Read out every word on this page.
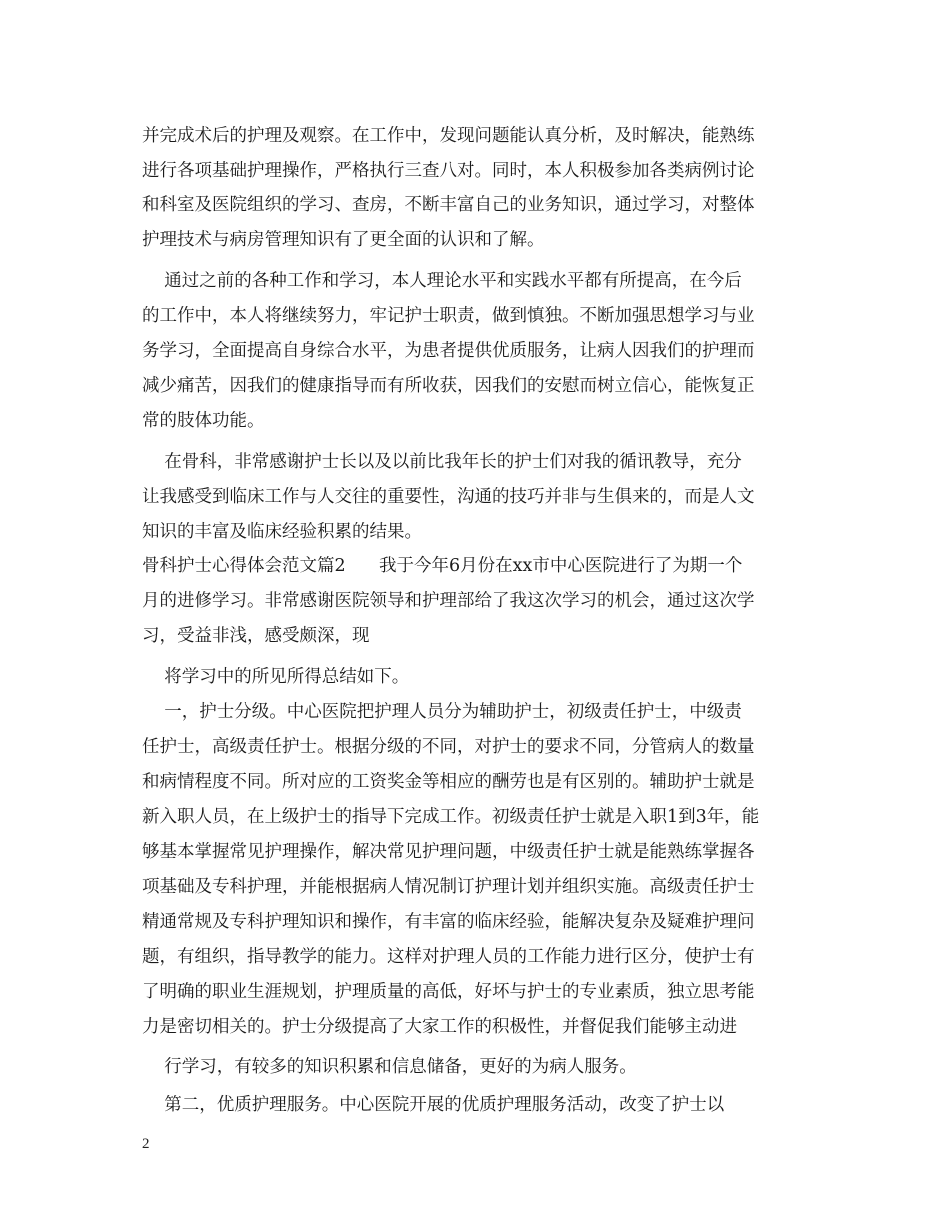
并完成术后的护理及观察。在工作中，发现问题能认真分析，及时解决，能熟练
进行各项基础护理操作，严格执行三查八对。同时，本人积极参加各类病例讨论
和科室及医院组织的学习、查房，不断丰富自己的业务知识，通过学习，对整体
护理技术与病房管理知识有了更全面的认识和了解。
通过之前的各种工作和学习，本人理论水平和实践水平都有所提高，在今后
的工作中，本人将继续努力，牢记护士职责，做到慎独。不断加强思想学习与业
务学习，全面提高自身综合水平，为患者提供优质服务，让病人因我们的护理而
减少痛苦，因我们的健康指导而有所收获，因我们的安慰而树立信心，能恢复正
常的肢体功能。
在骨科，非常感谢护士长以及以前比我年长的护士们对我的循讯教导，充分
让我感受到临床工作与人交往的重要性，沟通的技巧并非与生俱来的，而是人文
知识的丰富及临床经验积累的结果。
骨科护士心得体会范文篇2      我于今年6月份在xx市中心医院进行了为期一个
月的进修学习。非常感谢医院领导和护理部给了我这次学习的机会，通过这次学
习，受益非浅，感受颇深，现
将学习中的所见所得总结如下。
一，护士分级。中心医院把护理人员分为辅助护士，初级责任护士，中级责
任护士，高级责任护士。根据分级的不同，对护士的要求不同，分管病人的数量
和病情程度不同。所对应的工资奖金等相应的酬劳也是有区别的。辅助护士就是
新入职人员，在上级护士的指导下完成工作。初级责任护士就是入职1到3年，能
够基本掌握常见护理操作，解决常见护理问题，中级责任护士就是能熟练掌握各
项基础及专科护理，并能根据病人情况制订护理计划并组织实施。高级责任护士
精通常规及专科护理知识和操作，有丰富的临床经验，能解决复杂及疑难护理问
题，有组织，指导教学的能力。这样对护理人员的工作能力进行区分，使护士有
了明确的职业生涯规划，护理质量的高低，好坏与护士的专业素质，独立思考能
力是密切相关的。护士分级提高了大家工作的积极性，并督促我们能够主动进
行学习，有较多的知识积累和信息储备，更好的为病人服务。
第二，优质护理服务。中心医院开展的优质护理服务活动，改变了护士以
2
